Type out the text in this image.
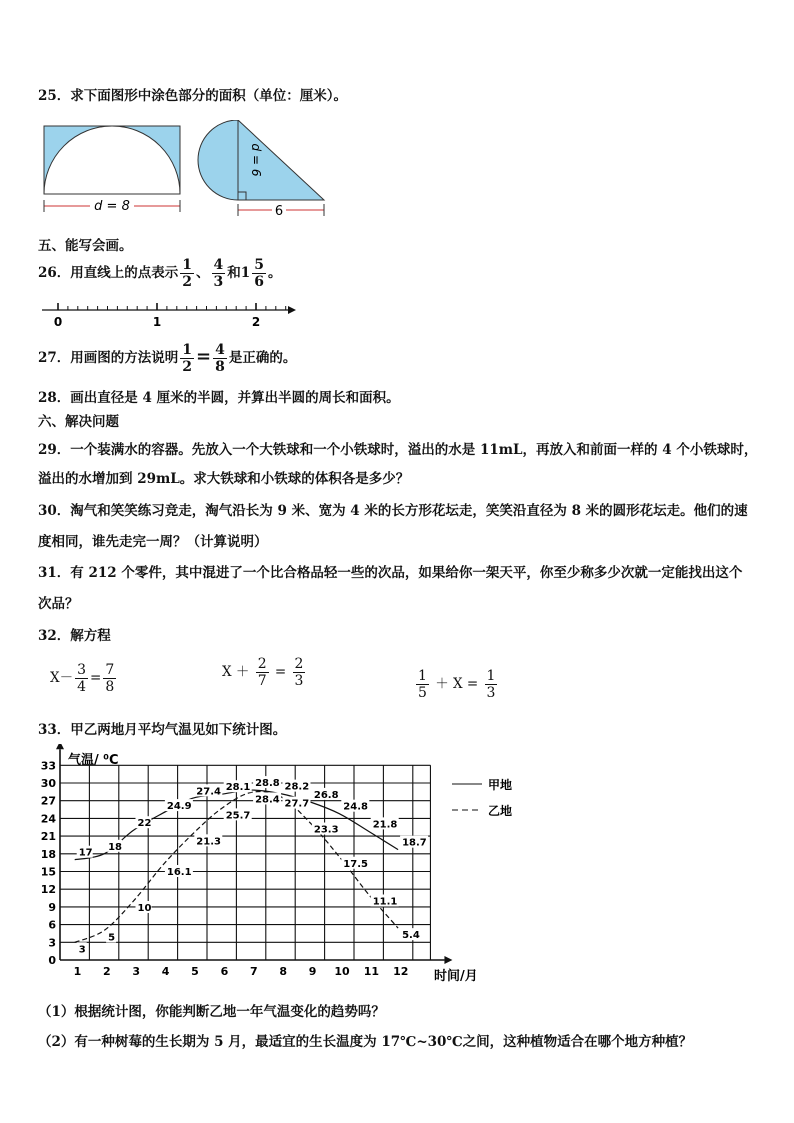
25．求下面图形中涂色部分的面积（单位：厘米）。
d = 8
d = 6
6
五、能写会画。
26．用直线上的点表示 $\frac{1}{2}$ 、 $\frac{4}{3}$ 和$1 \frac{5}{6}$ 。
0	1	2
27．用画图的方法说明 $\frac{1}{2} = \frac{4}{8}$ 是正确的。
28．画出直径是 4 厘米的半圆，并算出半圆的周长和面积。
六、解决问题
29．一个装满水的容器。先放入一个大铁球和一个小铁球时，溢出的水是 11mL，再放入和前面一样的 4 个小铁球时，
溢出的水增加到 29mL。求大铁球和小铁球的体积各是多少？
30．淘气和笑笑练习竞走，淘气沿长为 9 米、宽为 4 米的长方形花坛走，笑笑沿直径为 8 米的圆形花坛走。他们的速
度相同，谁先走完一周？（计算说明）
31．有 212 个零件，其中混进了一个比合格品轻一些的次品，如果给你一架天平，你至少称多少次就一定能找出这个
次品？
32．解方程
$X- \frac{3}{4} = \frac{7}{8}$	$X + \frac{2}{7} = \frac{2}{3}$	$\frac{1}{5} + X = \frac{1}{3}$
33．甲乙两地月平均气温见如下统计图。
0
3
6
9
12
15
18
21
24
27
30
33
1 2 3 4 5 6 7 8 9 10 11 12
17
18
22
24.9
27.4 28.1 28.8 28.2
26.8
24.8
21.8
18.7
3
5
10
16.1
21.3
25.7
28.4 27.7
23.3
17.5
11.1
5.4
气温/ ⁰C
时间/月
甲地
乙地
（1）根据统计图，你能判断乙地一年气温变化的趋势吗？
（2）有一种树莓的生长期为 5 月，最适宜的生长温度为 17℃~30℃之间，这种植物适合在哪个地方种植？
